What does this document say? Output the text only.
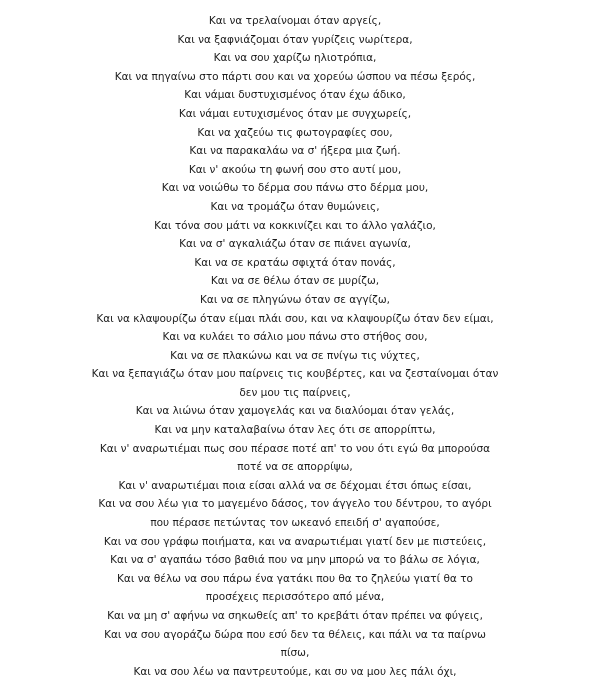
Και να τρελαίνομαι όταν αργείς,
Και να ξαφνιάζομαι όταν γυρίζεις νωρίτερα,
Και να σου χαρίζω ηλιοτρόπια,
Και να πηγαίνω στο πάρτι σου και να χορεύω ώσπου να πέσω ξερός,
Και νάμαι δυστυχισμένος όταν έχω άδικο,
Και νάμαι ευτυχισμένος όταν με συγχωρείς,
Και να χαζεύω τις φωτογραφίες σου,
Και να παρακαλάω να σ' ήξερα μια ζωή.
Και ν' ακούω τη φωνή σου στο αυτί μου,
Και να νοιώθω το δέρμα σου πάνω στο δέρμα μου,
Και να τρομάζω όταν θυμώνεις,
Και τόνα σου μάτι να κοκκινίζει και το άλλο γαλάζιο,
Και να σ' αγκαλιάζω όταν σε πιάνει αγωνία,
Και να σε κρατάω σφιχτά όταν πονάς,
Και να σε θέλω όταν σε μυρίζω,
Και να σε πληγώνω όταν σε αγγίζω,
Και να κλαψουρίζω όταν είμαι πλάι σου, και να κλαψουρίζω όταν δεν είμαι,
Και να κυλάει το σάλιο μου πάνω στο στήθος σου,
Και να σε πλακώνω και να σε πνίγω τις νύχτες,
Και να ξεπαγιάζω όταν μου παίρνεις τις κουβέρτες, και να ζεσταίνομαι όταν
δεν μου τις παίρνεις,
Και να λιώνω όταν χαμογελάς και να διαλύομαι όταν γελάς,
Και να μην καταλαβαίνω όταν λες ότι σε απορρίπτω,
Και ν' αναρωτιέμαι πως σου πέρασε ποτέ απ' το νου ότι εγώ θα μπορούσα
ποτέ να σε απορρίψω,
Και ν' αναρωτιέμαι ποια είσαι αλλά να σε δέχομαι έτσι όπως είσαι,
Και να σου λέω για το μαγεμένο δάσος, τον άγγελο του δέντρου, το αγόρι
που πέρασε πετώντας τον ωκεανό επειδή σ' αγαπούσε,
Και να σου γράφω ποιήματα, και να αναρωτιέμαι γιατί δεν με πιστεύεις,
Και να σ' αγαπάω τόσο βαθιά που να μην μπορώ να το βάλω σε λόγια,
Και να θέλω να σου πάρω ένα γατάκι που θα το ζηλεύω γιατί θα το
προσέχεις περισσότερο από μένα,
Και να μη σ' αφήνω να σηκωθείς απ' το κρεβάτι όταν πρέπει να φύγεις,
Και να σου αγοράζω δώρα που εσύ δεν τα θέλεις, και πάλι να τα παίρνω
πίσω,
Και να σου λέω να παντρευτούμε, και συ να μου λες πάλι όχι,
